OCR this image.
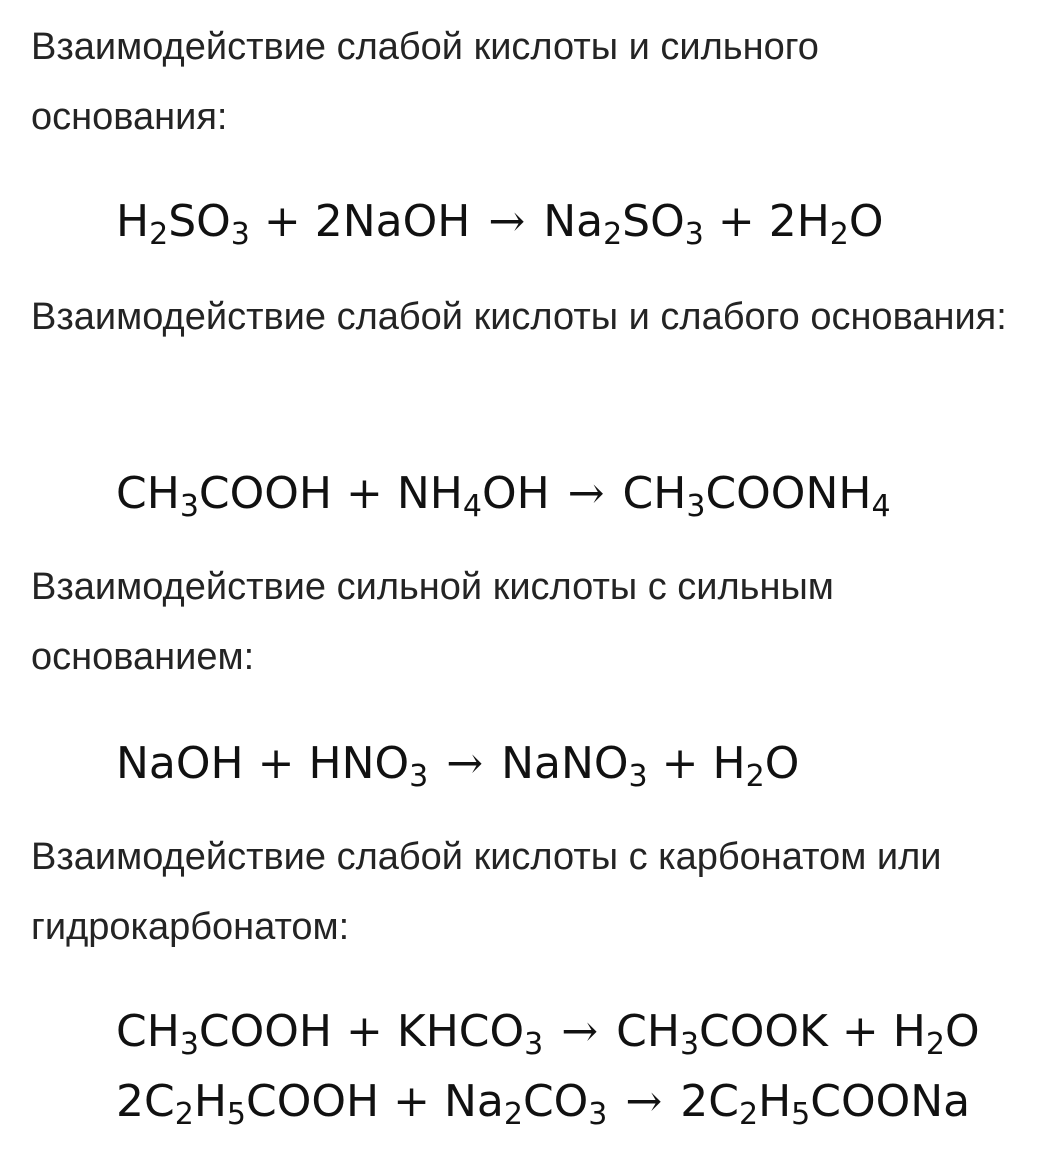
Взаимодействие слабой кислоты и сильного основания:

$H_2SO_3$ + 2NaOH → $Na_2SO_3 + 2H_2O$

Взаимодействие слабой кислоты и слабого основания:

$CH_3COOH + NH_4OH$ → $CH_3COONH_4$

Взаимодействие сильной кислоты с сильным основанием:

NaOH + $HNO_3$ → NaNO$_3$ + $H_2O$

Взаимодействие слабой кислоты с карбонатом или гидрокарбонатом:

$CH_3COOH$ + $KHCO_3$ → $CH_3COOK + H_2O$
$2C_2H_5COOH + Na_2CO_3$ → $2C_2H_5COONa$
